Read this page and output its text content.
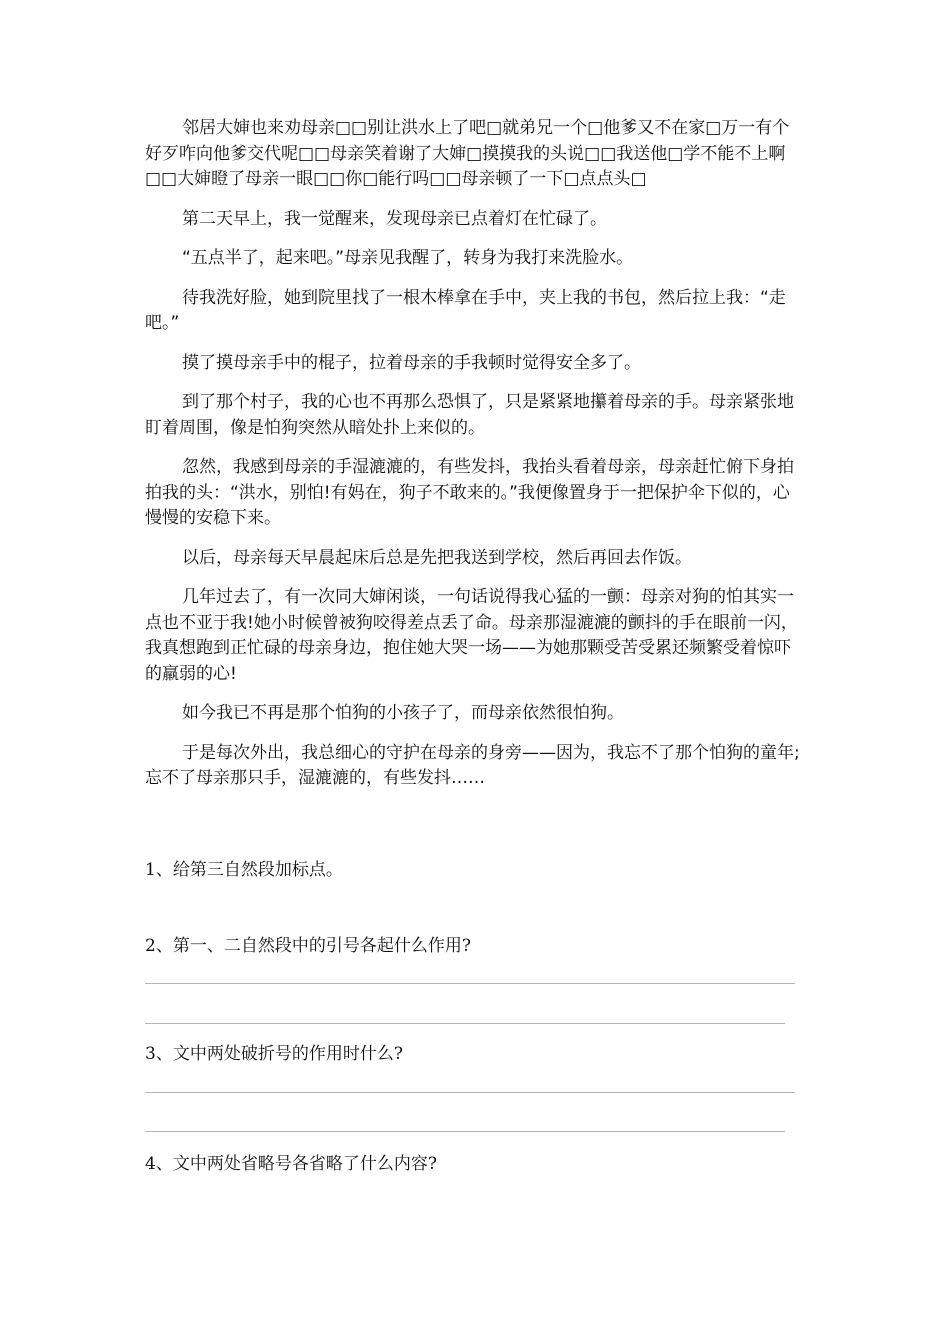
邻居大婶也来劝母亲□□别让洪水上了吧□就弟兄一个□他爹又不在家□万一有个好歹咋向他爹交代呢□□母亲笑着谢了大婶□摸摸我的头说□□我送他□学不能不上啊□□大婶瞪了母亲一眼□□你□能行吗□□母亲顿了一下□点点头□

第二天早上，我一觉醒来，发现母亲已点着灯在忙碌了。

“五点半了，起来吧。”母亲见我醒了，转身为我打来洗脸水。

待我洗好脸，她到院里找了一根木棒拿在手中，夹上我的书包，然后拉上我：“走吧。”

摸了摸母亲手中的棍子，拉着母亲的手我顿时觉得安全多了。

到了那个村子，我的心也不再那么恐惧了，只是紧紧地攥着母亲的手。母亲紧张地盯着周围，像是怕狗突然从暗处扑上来似的。

忽然，我感到母亲的手湿漉漉的，有些发抖，我抬头看着母亲，母亲赶忙俯下身拍拍我的头：“洪水，别怕!有妈在，狗子不敢来的。”我便像置身于一把保护伞下似的，心慢慢的安稳下来。

以后，母亲每天早晨起床后总是先把我送到学校，然后再回去作饭。

几年过去了，有一次同大婶闲谈，一句话说得我心猛的一颤：母亲对狗的怕其实一点也不亚于我!她小时候曾被狗咬得差点丢了命。母亲那湿漉漉的颤抖的手在眼前一闪，我真想跑到正忙碌的母亲身边，抱住她大哭一场——为她那颗受苦受累还频繁受着惊吓的羸弱的心!

如今我已不再是那个怕狗的小孩子了，而母亲依然很怕狗。

于是每次外出，我总细心的守护在母亲的身旁——因为，我忘不了那个怕狗的童年;忘不了母亲那只手，湿漉漉的，有些发抖……

1、给第三自然段加标点。
2、第一、二自然段中的引号各起什么作用?
3、文中两处破折号的作用时什么?
4、文中两处省略号各省略了什么内容?
